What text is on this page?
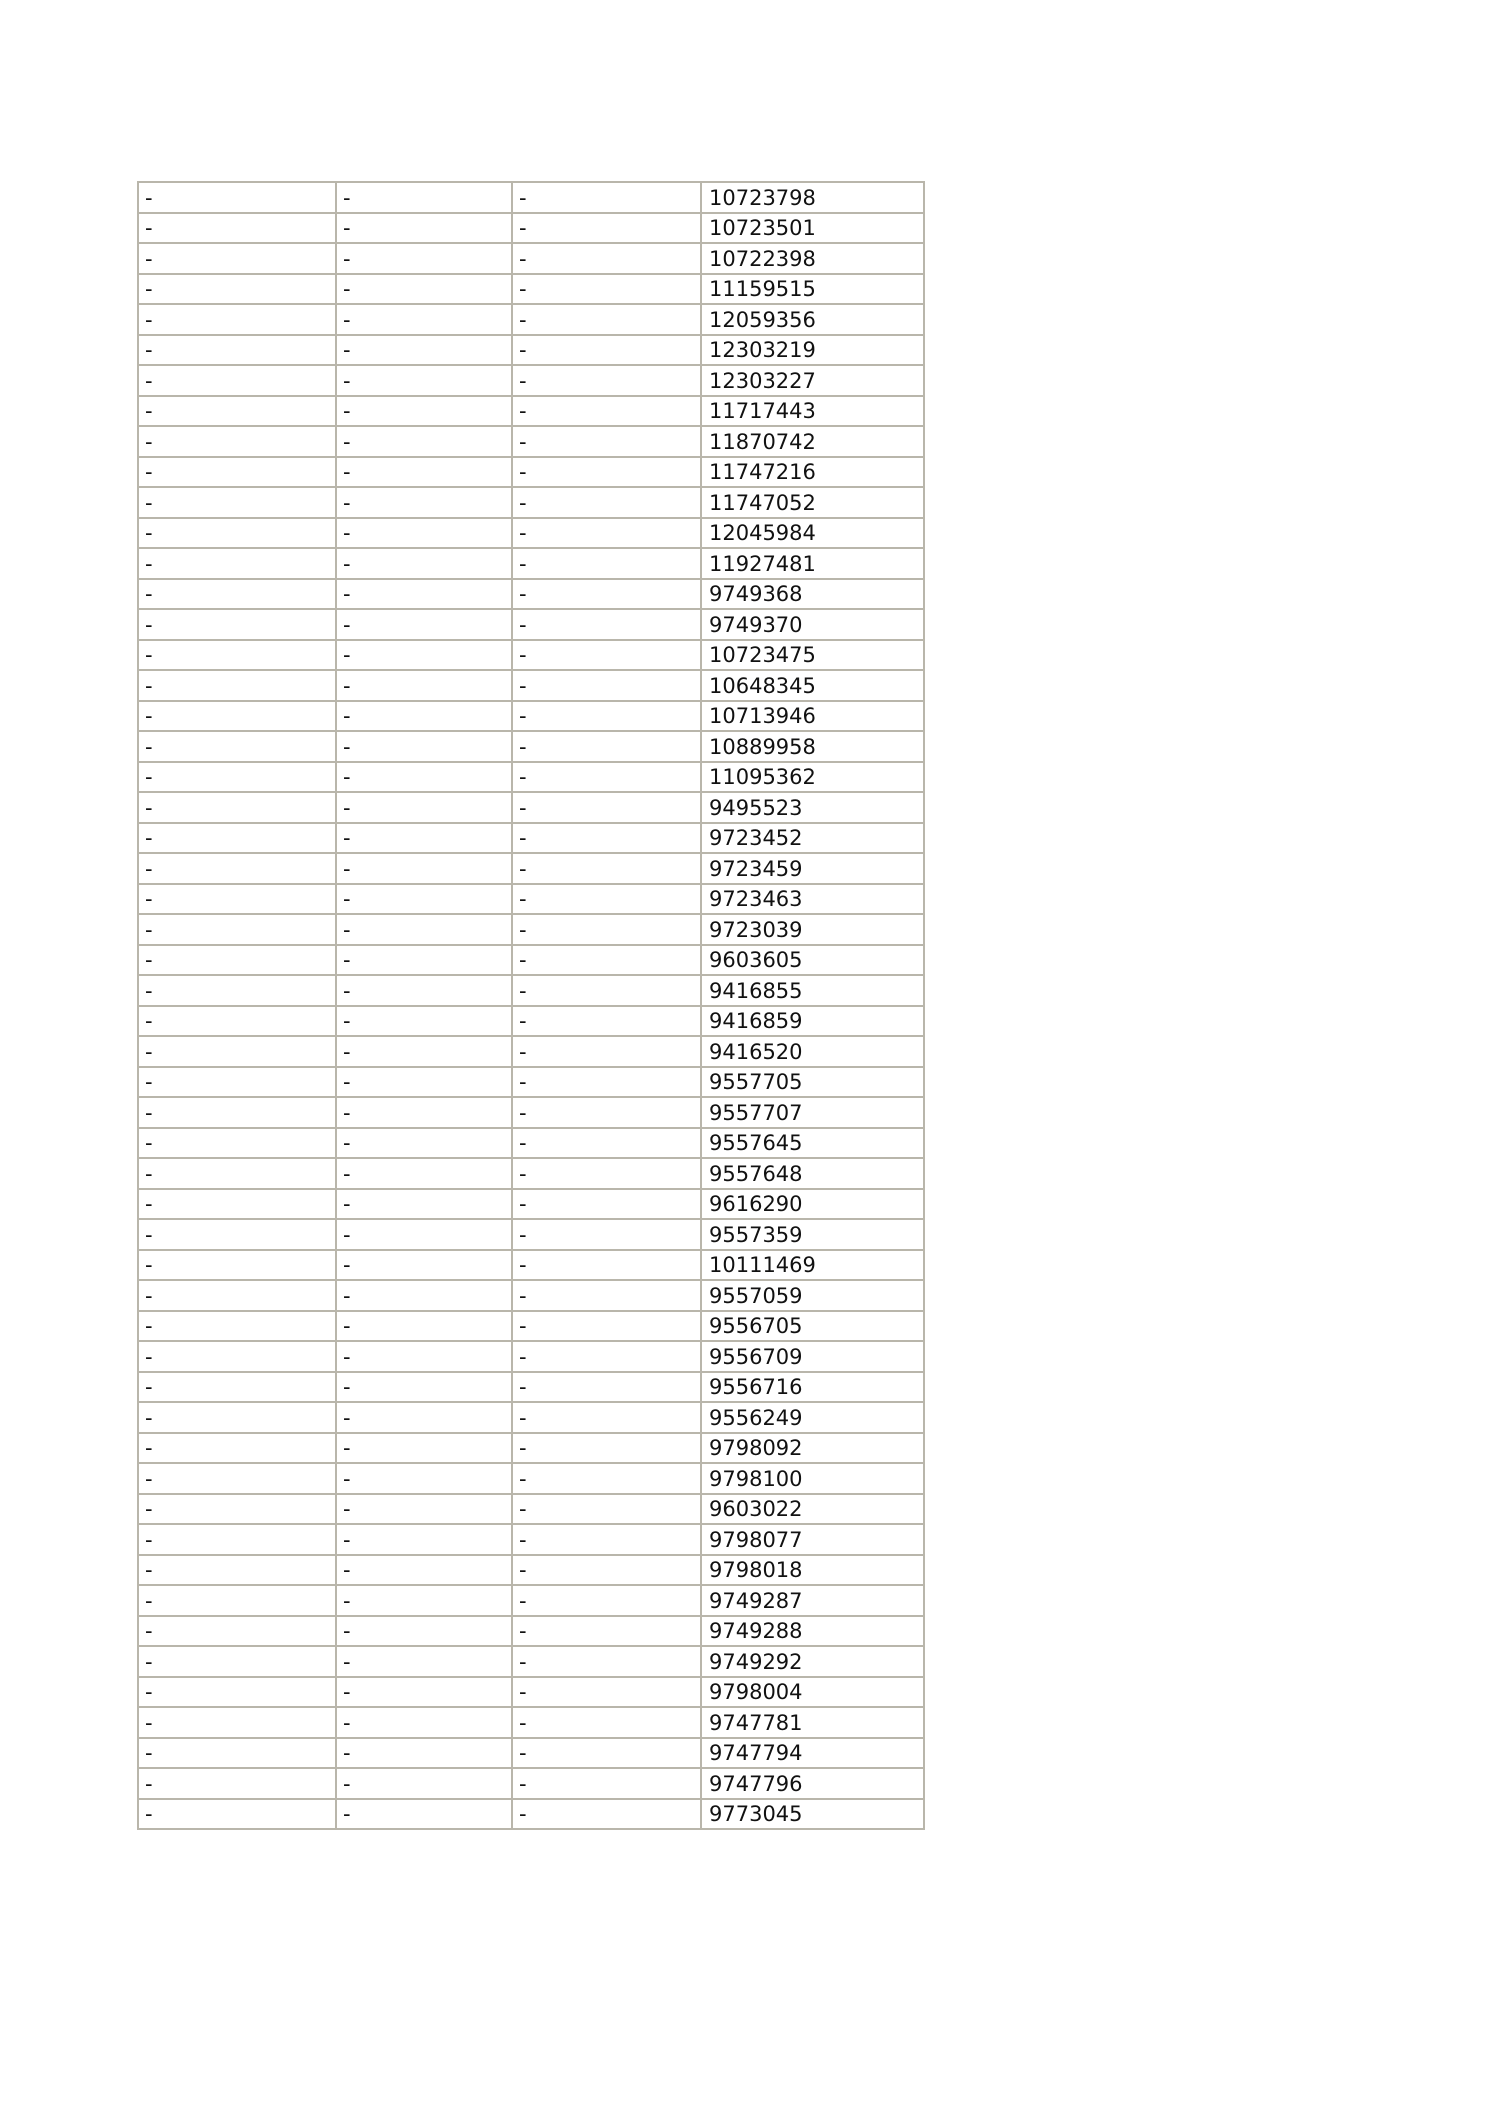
-	-	-	10723798
-	-	-	10723501
-	-	-	10722398
-	-	-	11159515
-	-	-	12059356
-	-	-	12303219
-	-	-	12303227
-	-	-	11717443
-	-	-	11870742
-	-	-	11747216
-	-	-	11747052
-	-	-	12045984
-	-	-	11927481
-	-	-	9749368
-	-	-	9749370
-	-	-	10723475
-	-	-	10648345
-	-	-	10713946
-	-	-	10889958
-	-	-	11095362
-	-	-	9495523
-	-	-	9723452
-	-	-	9723459
-	-	-	9723463
-	-	-	9723039
-	-	-	9603605
-	-	-	9416855
-	-	-	9416859
-	-	-	9416520
-	-	-	9557705
-	-	-	9557707
-	-	-	9557645
-	-	-	9557648
-	-	-	9616290
-	-	-	9557359
-	-	-	10111469
-	-	-	9557059
-	-	-	9556705
-	-	-	9556709
-	-	-	9556716
-	-	-	9556249
-	-	-	9798092
-	-	-	9798100
-	-	-	9603022
-	-	-	9798077
-	-	-	9798018
-	-	-	9749287
-	-	-	9749288
-	-	-	9749292
-	-	-	9798004
-	-	-	9747781
-	-	-	9747794
-	-	-	9747796
-	-	-	9773045
